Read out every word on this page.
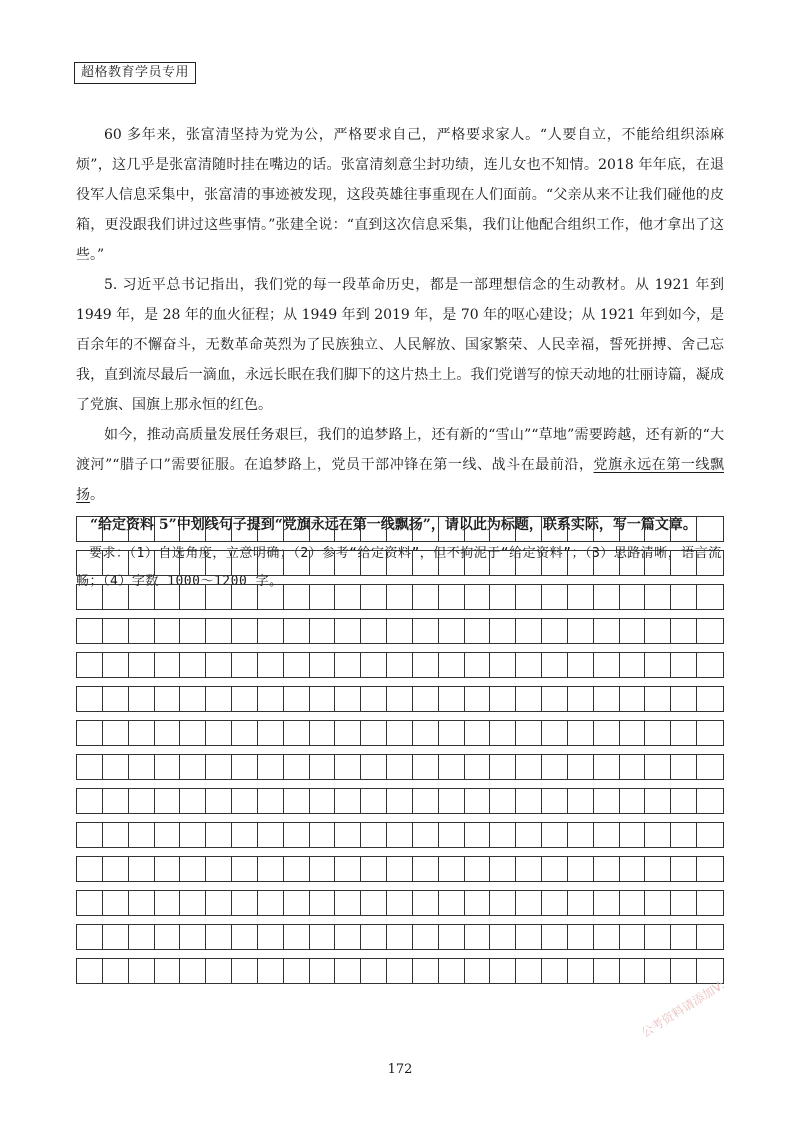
超格教育学员专用

60 多年来，张富清坚持为党为公，严格要求自己，严格要求家人。“人要自立，不能给组织添麻烦”，这几乎是张富清随时挂在嘴边的话。张富清刻意尘封功绩，连儿女也不知情。2018 年年底，在退役军人信息采集中，张富清的事迹被发现，这段英雄往事重现在人们面前。“父亲从来不让我们碰他的皮箱，更没跟我们讲过这些事情。”张建全说：“直到这次信息采集，我们让他配合组织工作，他才拿出了这些。”

5. 习近平总书记指出，我们党的每一段革命历史，都是一部理想信念的生动教材。从 1921 年到 1949 年，是 28 年的血火征程；从 1949 年到 2019 年，是 70 年的呕心建设；从 1921 年到如今，是百余年的不懈奋斗，无数革命英烈为了民族独立、人民解放、国家繁荣、人民幸福，誓死拼搏、舍己忘我，直到流尽最后一滴血，永远长眠在我们脚下的这片热土上。我们党谱写的惊天动地的壮丽诗篇，凝成了党旗、国旗上那永恒的红色。

如今，推动高质量发展任务艰巨，我们的追梦路上，还有新的“雪山”“草地”需要跨越，还有新的“大渡河”“腊子口”需要征服。在追梦路上，党员干部冲锋在第一线、战斗在最前沿，党旗永远在第一线飘扬。

“给定资料 5”中划线句子提到“党旗永远在第一线飘扬”，请以此为标题，联系实际，写一篇文章。

要求：（1）自选角度，立意明确；（2）参考“给定资料”，但不拘泥于“给定资料”；（3）思路清晰，语言流畅；（4）字数 1000～1200 字。

172
公考资料请添加V:
